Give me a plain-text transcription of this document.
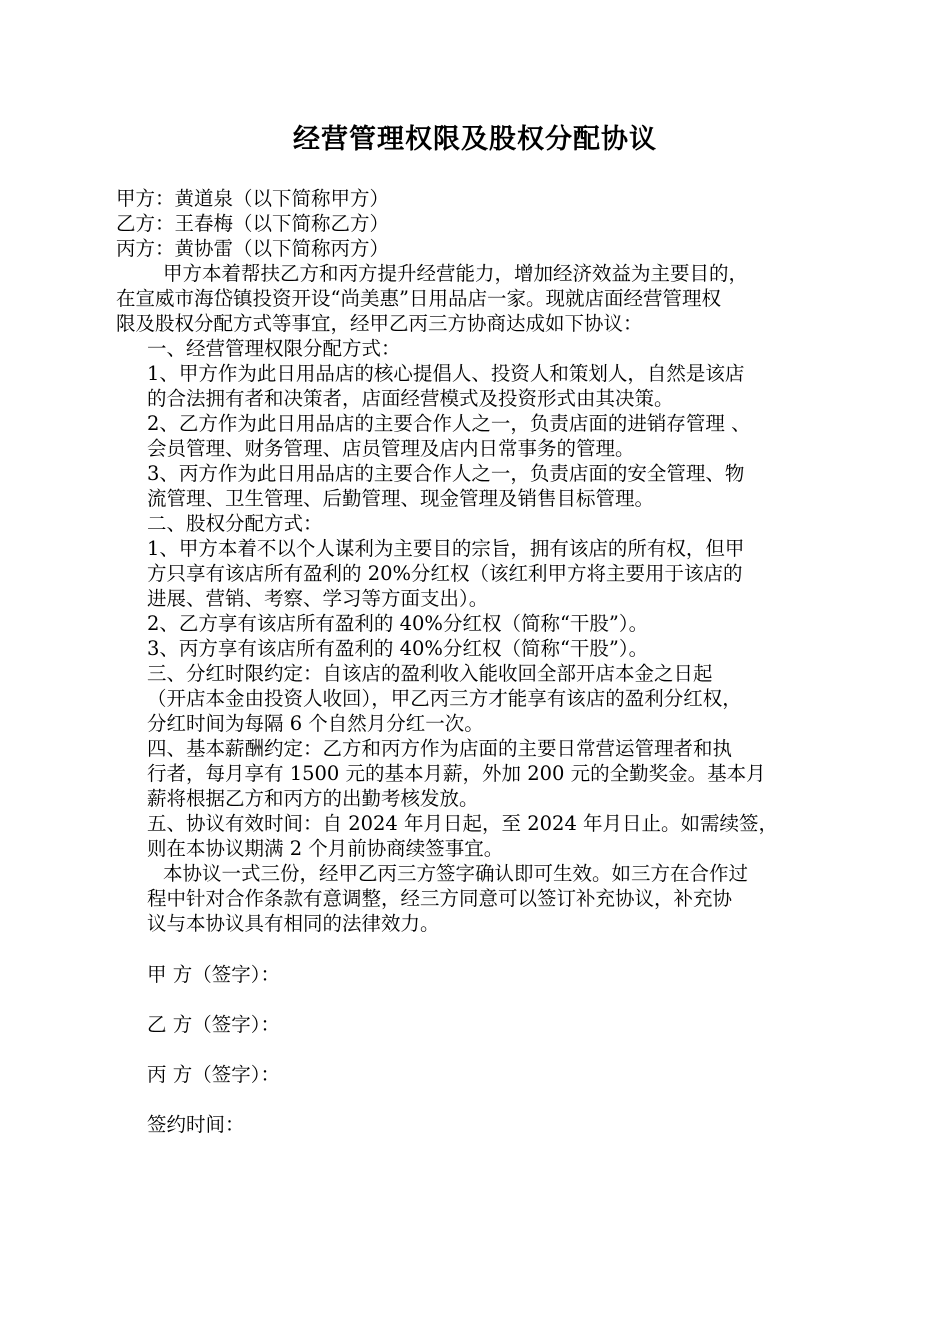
经营管理权限及股权分配协议
甲方：黄道泉（以下简称甲方）
乙方：王春梅（以下简称乙方）
丙方：黄协雷（以下简称丙方）
甲方本着帮扶乙方和丙方提升经营能力，增加经济效益为主要目的，
在宣威市海岱镇投资开设“尚美惠”日用品店一家。现就店面经营管理权
限及股权分配方式等事宜，经甲乙丙三方协商达成如下协议：
一、经营管理权限分配方式：
1、甲方作为此日用品店的核心提倡人、投资人和策划人，自然是该店
的合法拥有者和决策者，店面经营模式及投资形式由其决策。
2、乙方作为此日用品店的主要合作人之一，负责店面的进销存管理 、
会员管理、财务管理、店员管理及店内日常事务的管理。
3、丙方作为此日用品店的主要合作人之一，负责店面的安全管理、物
流管理、卫生管理、后勤管理、现金管理及销售目标管理。
二、股权分配方式：
1、甲方本着不以个人谋利为主要目的宗旨，拥有该店的所有权，但甲
方只享有该店所有盈利的 20%分红权（该红利甲方将主要用于该店的
进展、营销、考察、学习等方面支出）。
2、乙方享有该店所有盈利的 40%分红权（简称“干股”）。
3、丙方享有该店所有盈利的 40%分红权（简称“干股”）。
三、分红时限约定：自该店的盈利收入能收回全部开店本金之日起
（开店本金由投资人收回），甲乙丙三方才能享有该店的盈利分红权，
分红时间为每隔 6 个自然月分红一次。
四、基本薪酬约定：乙方和丙方作为店面的主要日常营运管理者和执
行者，每月享有 1500 元的基本月薪，外加 200 元的全勤奖金。基本月
薪将根据乙方和丙方的出勤考核发放。
五、协议有效时间：自 2024 年月日起，至 2024 年月日止。如需续签，
则在本协议期满 2 个月前协商续签事宜。
本协议一式三份，经甲乙丙三方签字确认即可生效。如三方在合作过
程中针对合作条款有意调整，经三方同意可以签订补充协议，补充协
议与本协议具有相同的法律效力。
甲 方（签字）：
乙 方（签字）：
丙 方（签字）：
签约时间：
